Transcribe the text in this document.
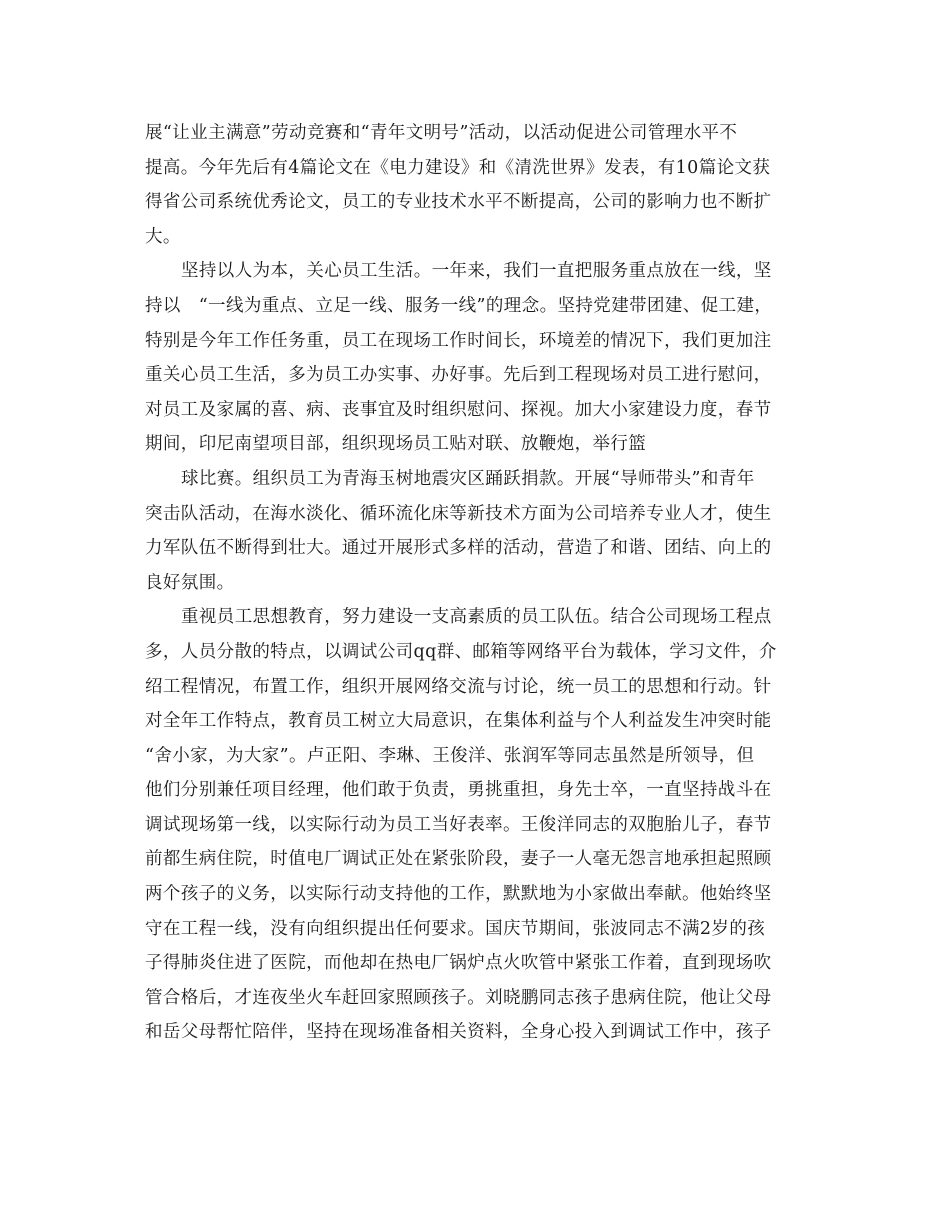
展“让业主满意”劳动竞赛和“青年文明号”活动，以活动促进公司管理水平不
提高。今年先后有4篇论文在《电力建设》和《清洗世界》发表，有10篇论文获
得省公司系统优秀论文，员工的专业技术水平不断提高，公司的影响力也不断扩
大。
坚持以人为本，关心员工生活。一年来，我们一直把服务重点放在一线，坚
持以　“一线为重点、立足一线、服务一线”的理念。坚持党建带团建、促工建，
特别是今年工作任务重，员工在现场工作时间长，环境差的情况下，我们更加注
重关心员工生活，多为员工办实事、办好事。先后到工程现场对员工进行慰问，
对员工及家属的喜、病、丧事宜及时组织慰问、探视。加大小家建设力度，春节
期间，印尼南望项目部，组织现场员工贴对联、放鞭炮，举行篮
球比赛。组织员工为青海玉树地震灾区踊跃捐款。开展“导师带头”和青年
突击队活动，在海水淡化、循环流化床等新技术方面为公司培养专业人才，使生
力军队伍不断得到壮大。通过开展形式多样的活动，营造了和谐、团结、向上的
良好氛围。
重视员工思想教育，努力建设一支高素质的员工队伍。结合公司现场工程点
多，人员分散的特点，以调试公司qq群、邮箱等网络平台为载体，学习文件，介
绍工程情况，布置工作，组织开展网络交流与讨论，统一员工的思想和行动。针
对全年工作特点，教育员工树立大局意识，在集体利益与个人利益发生冲突时能
“舍小家，为大家”。卢正阳、李琳、王俊洋、张润军等同志虽然是所领导，但
他们分别兼任项目经理，他们敢于负责，勇挑重担，身先士卒，一直坚持战斗在
调试现场第一线，以实际行动为员工当好表率。王俊洋同志的双胞胎儿子，春节
前都生病住院，时值电厂调试正处在紧张阶段，妻子一人毫无怨言地承担起照顾
两个孩子的义务，以实际行动支持他的工作，默默地为小家做出奉献。他始终坚
守在工程一线，没有向组织提出任何要求。国庆节期间，张波同志不满2岁的孩
子得肺炎住进了医院，而他却在热电厂锅炉点火吹管中紧张工作着，直到现场吹
管合格后，才连夜坐火车赶回家照顾孩子。刘晓鹏同志孩子患病住院，他让父母
和岳父母帮忙陪伴，坚持在现场准备相关资料，全身心投入到调试工作中，孩子
